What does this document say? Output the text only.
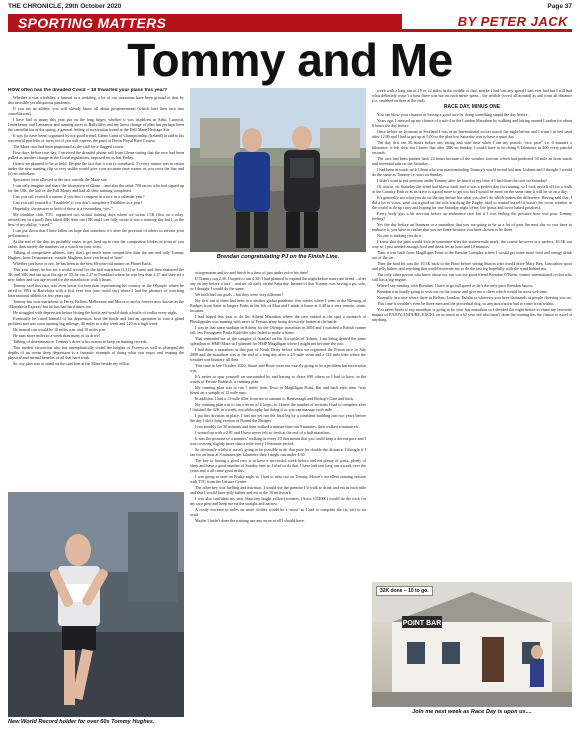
THE CHRONICLE, 29th October 2020	Page 37
SPORTING MATTERS	BY PETER JACK
Tommy and Me

HOW often has the dreaded Covid – 19 thwarted your plans this year?

Whether it was a holiday, a funeral or a wedding, a lot of our intentions have been ground to dust by this invisible yet ubiquitous pandemic.

If you are an athlete, you will already know all about postponements (which later then turn into cancellations).

I have had so many this year put on the long finger, whether it was triathlons in Arbo, Carnoch, Letterkenny and Lanzarote and running races in Ballyliffin and my latest change of plan has perhaps been the cancellation of the spring, a general feeling of motivation found at the Dell Mane Heritage Site.

It was (to have been) organised by my good friend, Glenn Grant of Championship (Ireland) to add to his successful portfolio of races too if you will express the pass) at Down Royal Race Course.

The Maze race had been pinpointed as the stall for a flagged course.

Four days before race day, I received the dreaded phone call from Glenn stating that the race had been pulled as another change in the Covid regulations, imposed on us last Friday.

I knew we planned to be so bold. Despite the fact that it was (a comeback, 5) every runner was to return under the new running clip so very unlike would give your accurate time sooner as you cross the line and (c) no onlookers.

Spectators were allowed at the race outside the Maze site.

I can only imagine and share the frustration of Glenn – and also the other 700 racers who had signed up for the 10K, the half or the Full Monty and had all their training completed.

Can you call yourself a runner if you don’t compete in a race in a calendar year?

Can you call yourself a ‘Triathlete’ if you don’t complete a Triathlon in a year?

Hopefully, the answer to both of those is a resounding “yes.”

My triathlon club, TTC, organised two virtual training days where we swam 1.5K (first on a relay, second one in a pool) then biked 40K then ran 10K and I can fully swear it was a training day but I, to the best of my ability, “raced.”

I can put down that I have fallen on hope that somehow it’s after the previous of others to elevate your performance.

At the end of the day, its probably easier to get fired up to race the competitive blokes in front of you rather than merely the numbers on a watch on your wrist.

Talking of competitive athletes, they don’t get much more competitive than the one and only Tommy Hughes, from Termonmore, outside Maghera, have you heard of him?

Whether you have or not, he has been to the best 60-year-old runner on Planet Earth.

This year alone, he has set a world record for the half marathon (1.11) in Larne and then shattered the 5K and 10K and ran up at the age of 59, he ran 2.27 in Frankfurt where he was less than 2.27 and they set a new father and son age record for the marathon at with 5 hours.

Tommy said this race was even better for him than representing his country at the Olympic where he raced in 1992 in Barcelona with a first ever foot (one could say) where I had the pleasure of watching International athletics a few years ago.

Tommy has won marathons in Derry, Belfast, Melbourne and Morocco and is forever now known as the ‘Marrakesh Express’ but he has had hard times too.

He struggled with depression before hitting the bottle and would drink a bottle of vodka every night.

Eventually he cured himself of his depression, beat the bottle and had an operation to cure a gland problem and was soon running big mileage, 40 miles in a day week and 120 in a high week.

He normal run would be 10 miles a.m. and 10 miles p.m.

He runs more miles in a week than many of us drive!

Talking of determination, Tommy’s drive is his reason to keep on hunting records.

This modest electrician who has unemphatically scaled the heights of Everest as well as plumped the depths of an ocean deep depression is a fantastic example of doing what you enjoy and reaping the physical and mental benefits of all that hard work.

So, my plan was to stand on the start line at the Maze beside my fellow

Brendan congratulating PJ on the Finish Line.

octogenarian and try and finish in a time of just under twice his time!

If Tommy ran 2.30, I hoped to run 4.30! I had planned to expand the night before many ate bread – after any an any before a race – and set off early on the Saturday. Instead of that Tommy was having a go, solo, so I thought I would do the same.

We both had our goals – but they were very different!

My first run at them had been in a another global pandemic five weeks where I went to the Blessing of Bridges from Saint to Inspire Parks in the Isle of Man and I made it home at 4.48 in a very remote, ironic location.

I had hoped this year to do the Athens Marathon where the race started at the spot a monarch of Pheidippides was running with news of Persian army being decisively beaten at the battle.

I was in that same stadium in Athens for the Olympic marathon in 2004 and I watched a British runner fall, but Portuguese Paula Radcliffe who failed to make it home.

That reminded me of the sumpter of Istanbul on the Acropolis of Athens, I am being denied the same splendour of HMP Maze so I planned for HMP Magilligan where I might not become the two.

I had done a marathon in this part of North Derry before when we organised the Prison race in July 2000 and the marathon was at the end of a long day after a 2.5-mile swim and a 112 mile bike where the weather was blustery till then.

This time in late October 2020, Stuart and Rosie were not exactly going to be a problem but motivation was.

It’s easier to spur yourself on surrounded by and having to chase 690 others so I had to have, in the words of Private Baldrick, a cunning plan.

My cunning plan was to run 7 miles from Tesco to Magilligan Point, Bar and back each time “was based on a sample of 15 mile runs.

In addition, I had a 13-mile filler from me to summit it, Binevenagh and Bishop’s Gate and back.

My cunning plan was to run a series of 6 loops, so I knew the number of sections I had to complete after I finished the 42K in a week, not philosophy but doing it so you can manage each mile.

I put this division in place. I had not yet run the final leg by a confident building run two years before the day I did a long version of Round the Bridges.

I ran steadily for 30 minutes and then walked a minute then ran 9 minutes, then walked a minute etc.

I wound up with a 2.01 and I have never felt so fresh at the end of a half marathon.

It was the promise of a minutes’ walking in every 10 that meant that you could keep a decent pace and I was covering slightly more than a mile every 10-minute period.

So obviously whilst it wasn’t going to be possible to do that pace for double the distance, I thought if I ran for an hour at 8 minutes per kilometre then I might run under 4:30.

The key to having a good race is to have a successful week before and eat plenty of pasta, plenty of sleep and have a good number of Sunday runs so I tried to do that. I have had one long run a week over the years and it all came good in this.

I was going to start on Friday night so I had to miss out on Tommy Moore’s excellent running session with TTC from the Leisure Centre.

The other key was fuelling and nutrition. I would use the premise I’d walk to drink and eat in each mile and that I would have jelly babies and eat at the 10 mile mark.

I was also confident my new (Saucony bright yellow) trainers, (Asics GT2000) would do the trick for my race prep and keep me on the straight and narrow.

A costly increase in miles on more clothes would be a ‘must’ as I had to complete the (as yet) to no avail.

Maybe I hadn’t done the training run any more at all I should have.

week with a long run of 19 or 22 miles in the middle of that, maybe I had lost any speed I had ever had but I still had what definitely wasn’t a base there was not on each metre spent – the terrible (worst all around) as and from all distance (i.e. snubbed on then at the end).

RACE DAY, MINUS ONE

You can blow your chances of having a good race by doing something stupid the day before.

Years ago, I messed up my chance of a sub-4 in the London Marathon by walking and hiking around London for about 8 hours the day before.

Once before an Ironman in Scotland I was at an International soccer match the night before and I wasn’t in bed until after 12.00 and I had to get up at 5.00 so the plan lost Saturday was to have a quiet day.

The day first ran 30 hours before any eating and start time when I ran my pseudo “race pace” i.e. 6 minutes a kilometre, it felt slow but I know that after 30K on Sunday I would have to be doing 8 kilometre in 400 every painful seconds.

The race had been pushed back 24 hours because of the weather forecast which had predicted 50 mile an hour winds and torrential rain on the Saturday.

I had been in touch with Glenn who was masterminding Tommy’s world record bid near Lisburn and I thought I would do the same as Tommy i.e. start on Sunday.

I didn’t want to put pressure under Tommy after he heard of my time if I had done the race on Saturday!

Of course, on Saturday the wind had blown itself and it was a perfect day for running, so I took myself off for a walk in the Country Park or at its drive is a good more to get too hot I would be more on the same time it will be so on a day.

It’s generally not what you do on the day before but what you don’t do which makes the difference. Having said that, I did a lot of voice, went out a good on the sofa watching the Rugby, tried to remind myself it wasn’t the worst weather in the world to do up carry and hoping for one Saturday night of my life (pasta and twice baked potatoes).

Every body gets a bit nervous before an endurance race but if I was feeling the pressure how was poor Tommy feeling?

Yes the day before an Ironman or a marathon that you are going to be in a lot of pain the next day so you have to embrace it, you have to realise that you are there because you have chosen to be there.

No one is making you do it.

I knew that the pain would kick in sometime after the sixteen-mile mark, the course however is a perfect, 10.5K out way so I just needed enough food and drink for an hour and 10 minutes.

Then it was back from Magilligan Point to the Benone Complex where I would get some more food and energy drink out of the car.

Then the hard bit was the 10.5K back to the Point before seeing Sharon who would drive Mary Ben, Lancashire sport and jelly babies and anything that would motivate me to do the last leg hopefully with the wind behind me.

The only other person who knew about my run was my good friend Brendan O’Brien, former international cyclist who still has a big engine.

When I say running with Brendan, I have to go full speed as he’s the only pace Brendan knows.

Brendan was kindly going to visit me on the course and give me a cheer which would be most welcome.

Normally in a race where there in Belfast, London, Dublin or wherever you have thousands of people cheering you on.

This time it wouldn’t even be three men and the proverbial dog, so any motivation had to come from within.

You never know if any marathon is going to be your last marathon so I decided the night before to chant my favourite mantra of ENJOY, ENDURE, EXCEL on as much as a 62 year old who hasn’t done the training has the chance to excel at anything.

New World Record holder for over 60s Tommy Hughes.
POINT BAR
32K done – 10 to go.
Join me next week as Race Day is upon us....
